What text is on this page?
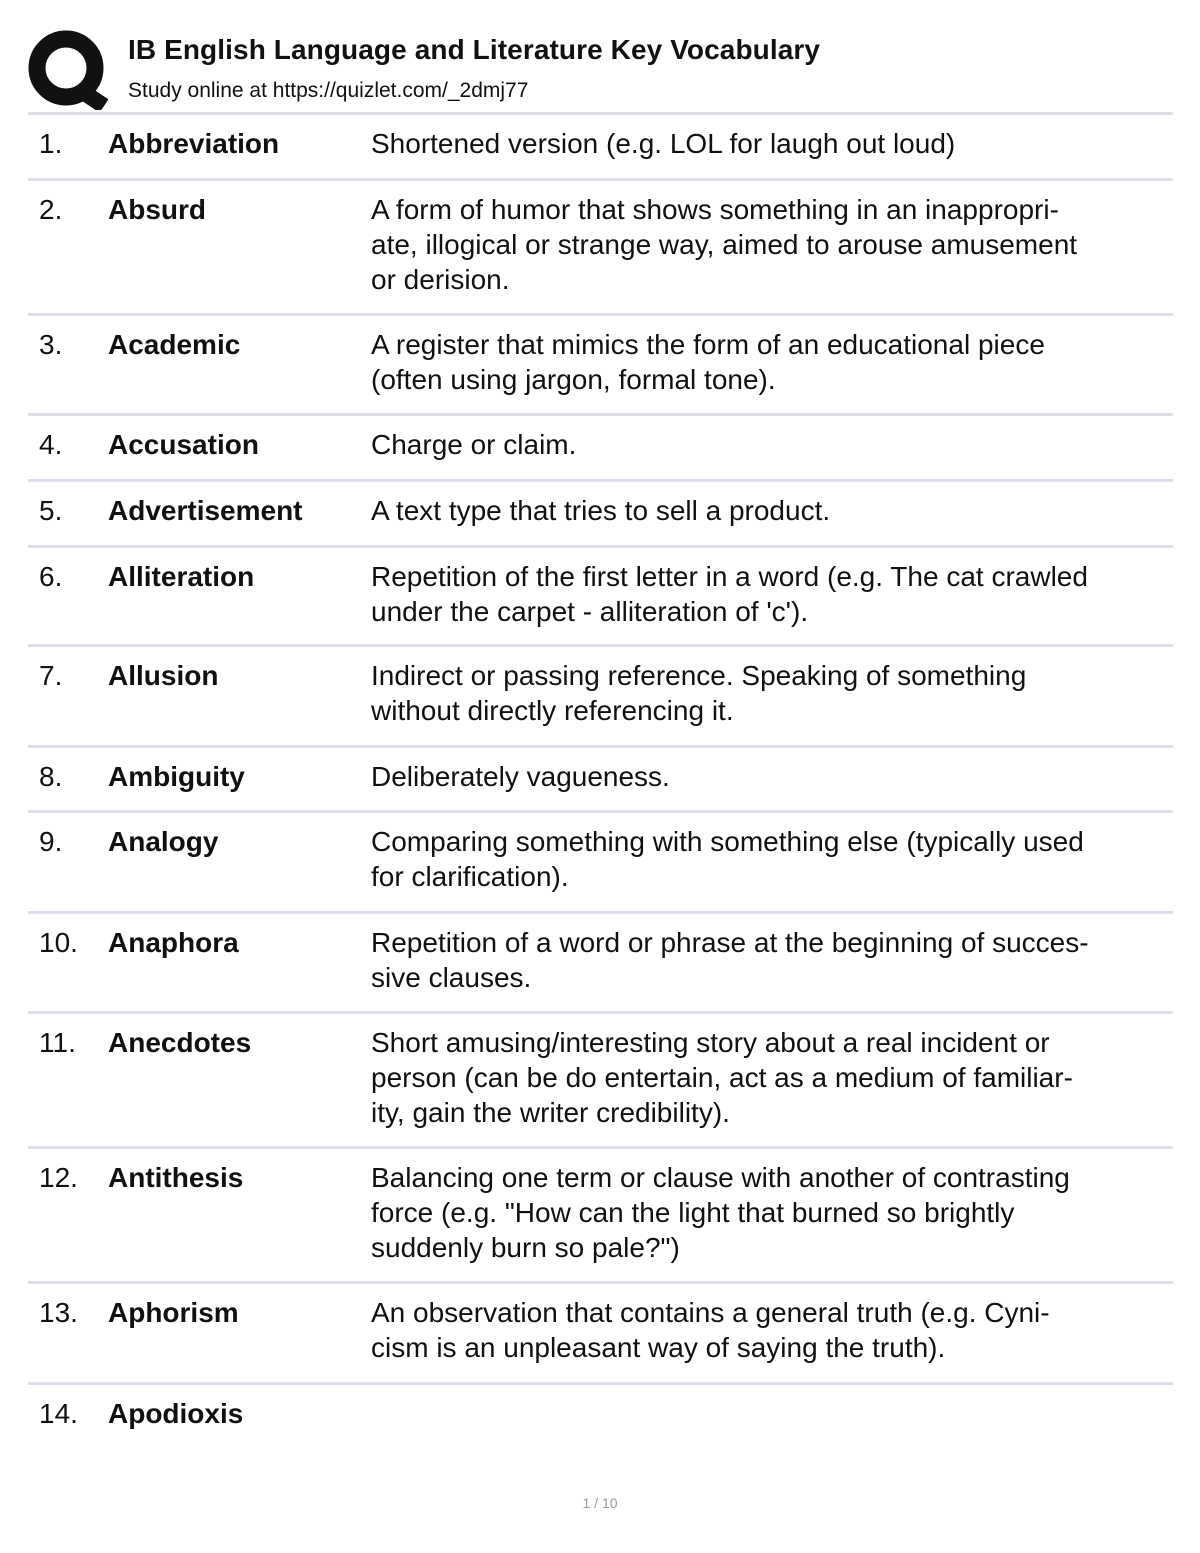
IB English Language and Literature Key Vocabulary
Study online at https://quizlet.com/_2dmj77
1. Abbreviation	Shortened version (e.g. LOL for laugh out loud)
2. Absurd	A form of humor that shows something in an inappropri-
ate, illogical or strange way, aimed to arouse amusement
or derision.
3. Academic	A register that mimics the form of an educational piece
(often using jargon, formal tone).
4. Accusation	Charge or claim.
5. Advertisement A text type that tries to sell a product.
6. Alliteration	Repetition of the first letter in a word (e.g. The cat crawled
under the carpet - alliteration of 'c').
7. Allusion	Indirect or passing reference. Speaking of something
without directly referencing it.
8. Ambiguity	Deliberately vagueness.
9. Analogy	Comparing something with something else (typically used
for clarification).
10. Anaphora	Repetition of a word or phrase at the beginning of succes-
sive clauses.
11. Anecdotes	Short amusing/interesting story about a real incident or
person (can be do entertain, act as a medium of familiar-
ity, gain the writer credibility).
12. Antithesis	Balancing one term or clause with another of contrasting
force (e.g. "How can the light that burned so brightly
suddenly burn so pale?")
13. Aphorism	An observation that contains a general truth (e.g. Cyni-
cism is an unpleasant way of saying the truth).
14. Apodioxis
1 / 10
